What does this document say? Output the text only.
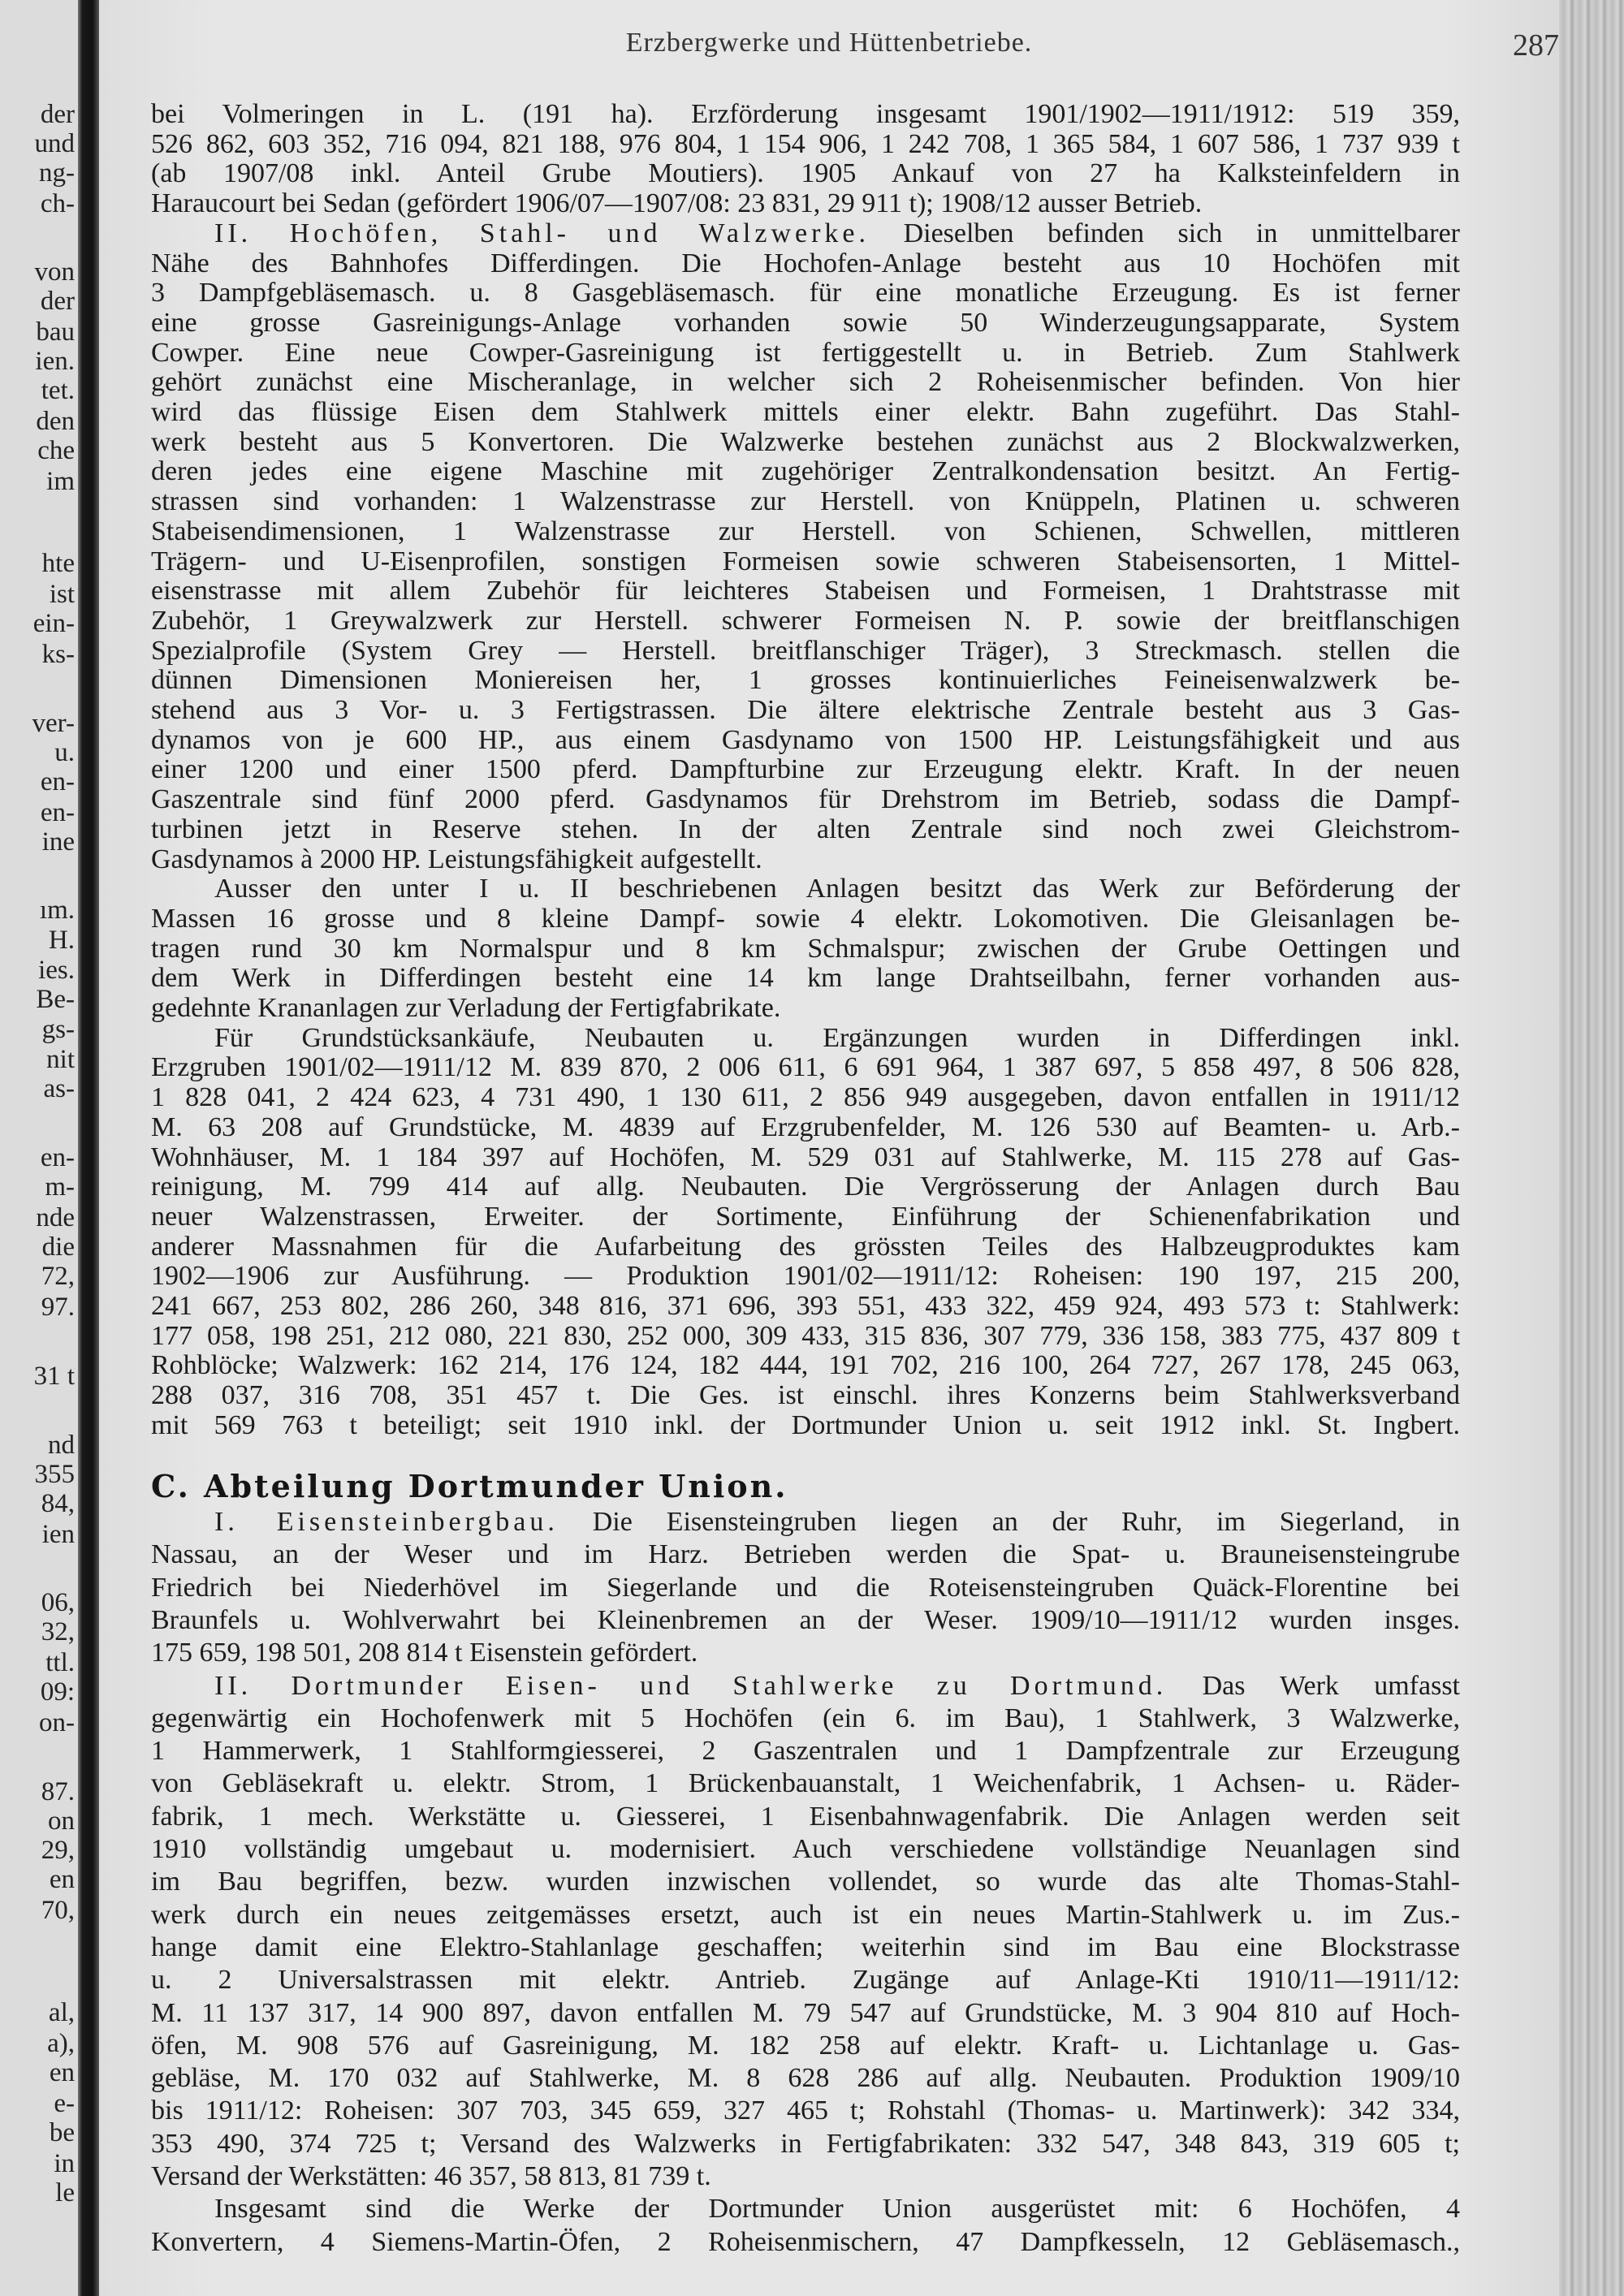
der
und
ng-
ch-
von
der
bau
ien.
tet.
den
che
im
hte
ist
ein-
ks-
ver-
u.
en-
en-
ine
ım.
H.
ies.
Be-
gs-
nit
as-
en-
m-
nde
die
72,
97.
31 t
nd
355
84,
ien
06,
32,
ttl.
09:
on-
87.
on
29,
en
70,
al,
a),
en
e-
be
in
le
Erzbergwerke und Hüttenbetriebe.	287
bei Volmeringen in L. (191 ha). Erzförderung insgesamt 1901/1902—1911/1912: 519 359,
526 862, 603 352, 716 094, 821 188, 976 804, 1 154 906, 1 242 708, 1 365 584, 1 607 586, 1 737 939 t
(ab 1907/08 inkl. Anteil Grube Moutiers). 1905 Ankauf von 27 ha Kalksteinfeldern in
Haraucourt bei Sedan (gefördert 1906/07—1907/08: 23 831, 29 911 t); 1908/12 ausser Betrieb.
II. Hochöfen, Stahl- und Walzwerke. Dieselben befinden sich in unmittelbarer
Nähe des Bahnhofes Differdingen. Die Hochofen-Anlage besteht aus 10 Hochöfen mit
3 Dampfgebläsemasch. u. 8 Gasgebläsemasch. für eine monatliche Erzeugung. Es ist ferner
eine grosse Gasreinigungs-Anlage vorhanden sowie 50 Winderzeugungsapparate, System
Cowper. Eine neue Cowper-Gasreinigung ist fertiggestellt u. in Betrieb. Zum Stahlwerk
gehört zunächst eine Mischeranlage, in welcher sich 2 Roheisenmischer befinden. Von hier
wird das flüssige Eisen dem Stahlwerk mittels einer elektr. Bahn zugeführt. Das Stahl-
werk besteht aus 5 Konvertoren. Die Walzwerke bestehen zunächst aus 2 Blockwalzwerken,
deren jedes eine eigene Maschine mit zugehöriger Zentralkondensation besitzt. An Fertig-
strassen sind vorhanden: 1 Walzenstrasse zur Herstell. von Knüppeln, Platinen u. schweren
Stabeisendimensionen, 1 Walzenstrasse zur Herstell. von Schienen, Schwellen, mittleren
Trägern- und U-Eisenprofilen, sonstigen Formeisen sowie schweren Stabeisensorten, 1 Mittel-
eisenstrasse mit allem Zubehör für leichteres Stabeisen und Formeisen, 1 Drahtstrasse mit
Zubehör, 1 Greywalzwerk zur Herstell. schwerer Formeisen N. P. sowie der breitflanschigen
Spezialprofile (System Grey — Herstell. breitflanschiger Träger), 3 Streckmasch. stellen die
dünnen Dimensionen Moniereisen her, 1 grosses kontinuierliches Feineisenwalzwerk be-
stehend aus 3 Vor- u. 3 Fertigstrassen. Die ältere elektrische Zentrale besteht aus 3 Gas-
dynamos von je 600 HP., aus einem Gasdynamo von 1500 HP. Leistungsfähigkeit und aus
einer 1200 und einer 1500 pferd. Dampfturbine zur Erzeugung elektr. Kraft. In der neuen
Gaszentrale sind fünf 2000 pferd. Gasdynamos für Drehstrom im Betrieb, sodass die Dampf-
turbinen jetzt in Reserve stehen. In der alten Zentrale sind noch zwei Gleichstrom-
Gasdynamos à 2000 HP. Leistungsfähigkeit aufgestellt.
Ausser den unter I u. II beschriebenen Anlagen besitzt das Werk zur Beförderung der
Massen 16 grosse und 8 kleine Dampf- sowie 4 elektr. Lokomotiven. Die Gleisanlagen be-
tragen rund 30 km Normalspur und 8 km Schmalspur; zwischen der Grube Oettingen und
dem Werk in Differdingen besteht eine 14 km lange Drahtseilbahn, ferner vorhanden aus-
gedehnte Krananlagen zur Verladung der Fertigfabrikate.
Für Grundstücksankäufe, Neubauten u. Ergänzungen wurden in Differdingen inkl.
Erzgruben 1901/02—1911/12 M. 839 870, 2 006 611, 6 691 964, 1 387 697, 5 858 497, 8 506 828,
1 828 041, 2 424 623, 4 731 490, 1 130 611, 2 856 949 ausgegeben, davon entfallen in 1911/12
M. 63 208 auf Grundstücke, M. 4839 auf Erzgrubenfelder, M. 126 530 auf Beamten- u. Arb.-
Wohnhäuser, M. 1 184 397 auf Hochöfen, M. 529 031 auf Stahlwerke, M. 115 278 auf Gas-
reinigung, M. 799 414 auf allg. Neubauten. Die Vergrösserung der Anlagen durch Bau
neuer Walzenstrassen, Erweiter. der Sortimente, Einführung der Schienenfabrikation und
anderer Massnahmen für die Aufarbeitung des grössten Teiles des Halbzeugproduktes kam
1902—1906 zur Ausführung. — Produktion 1901/02—1911/12: Roheisen: 190 197, 215 200,
241 667, 253 802, 286 260, 348 816, 371 696, 393 551, 433 322, 459 924, 493 573 t: Stahlwerk:
177 058, 198 251, 212 080, 221 830, 252 000, 309 433, 315 836, 307 779, 336 158, 383 775, 437 809 t
Rohblöcke; Walzwerk: 162 214, 176 124, 182 444, 191 702, 216 100, 264 727, 267 178, 245 063,
288 037, 316 708, 351 457 t. Die Ges. ist einschl. ihres Konzerns beim Stahlwerksverband
mit 569 763 t beteiligt; seit 1910 inkl. der Dortmunder Union u. seit 1912 inkl. St. Ingbert.
C. Abteilung Dortmunder Union.
I. Eisensteinbergbau. Die Eisensteingruben liegen an der Ruhr, im Siegerland, in
Nassau, an der Weser und im Harz. Betrieben werden die Spat- u. Brauneisensteingrube
Friedrich bei Niederhövel im Siegerlande und die Roteisensteingruben Quäck-Florentine bei
Braunfels u. Wohlverwahrt bei Kleinenbremen an der Weser. 1909/10—1911/12 wurden insges.
175 659, 198 501, 208 814 t Eisenstein gefördert.
II. Dortmunder Eisen- und Stahlwerke zu Dortmund. Das Werk umfasst
gegenwärtig ein Hochofenwerk mit 5 Hochöfen (ein 6. im Bau), 1 Stahlwerk, 3 Walzwerke,
1 Hammerwerk, 1 Stahlformgiesserei, 2 Gaszentralen und 1 Dampfzentrale zur Erzeugung
von Gebläsekraft u. elektr. Strom, 1 Brückenbauanstalt, 1 Weichenfabrik, 1 Achsen- u. Räder-
fabrik, 1 mech. Werkstätte u. Giesserei, 1 Eisenbahnwagenfabrik. Die Anlagen werden seit
1910 vollständig umgebaut u. modernisiert. Auch verschiedene vollständige Neuanlagen sind
im Bau begriffen, bezw. wurden inzwischen vollendet, so wurde das alte Thomas-Stahl-
werk durch ein neues zeitgemässes ersetzt, auch ist ein neues Martin-Stahlwerk u. im Zus.-
hange damit eine Elektro-Stahlanlage geschaffen; weiterhin sind im Bau eine Blockstrasse
u. 2 Universalstrassen mit elektr. Antrieb. Zugänge auf Anlage-Kti 1910/11—1911/12:
M. 11 137 317, 14 900 897, davon entfallen M. 79 547 auf Grundstücke, M. 3 904 810 auf Hoch-
öfen, M. 908 576 auf Gasreinigung, M. 182 258 auf elektr. Kraft- u. Lichtanlage u. Gas-
gebläse, M. 170 032 auf Stahlwerke, M. 8 628 286 auf allg. Neubauten. Produktion 1909/10
bis 1911/12: Roheisen: 307 703, 345 659, 327 465 t; Rohstahl (Thomas- u. Martinwerk): 342 334,
353 490, 374 725 t; Versand des Walzwerks in Fertigfabrikaten: 332 547, 348 843, 319 605 t;
Versand der Werkstätten: 46 357, 58 813, 81 739 t.
Insgesamt sind die Werke der Dortmunder Union ausgerüstet mit: 6 Hochöfen, 4
Konvertern, 4 Siemens-Martin-Öfen, 2 Roheisenmischern, 47 Dampfkesseln, 12 Gebläsemasch.,
